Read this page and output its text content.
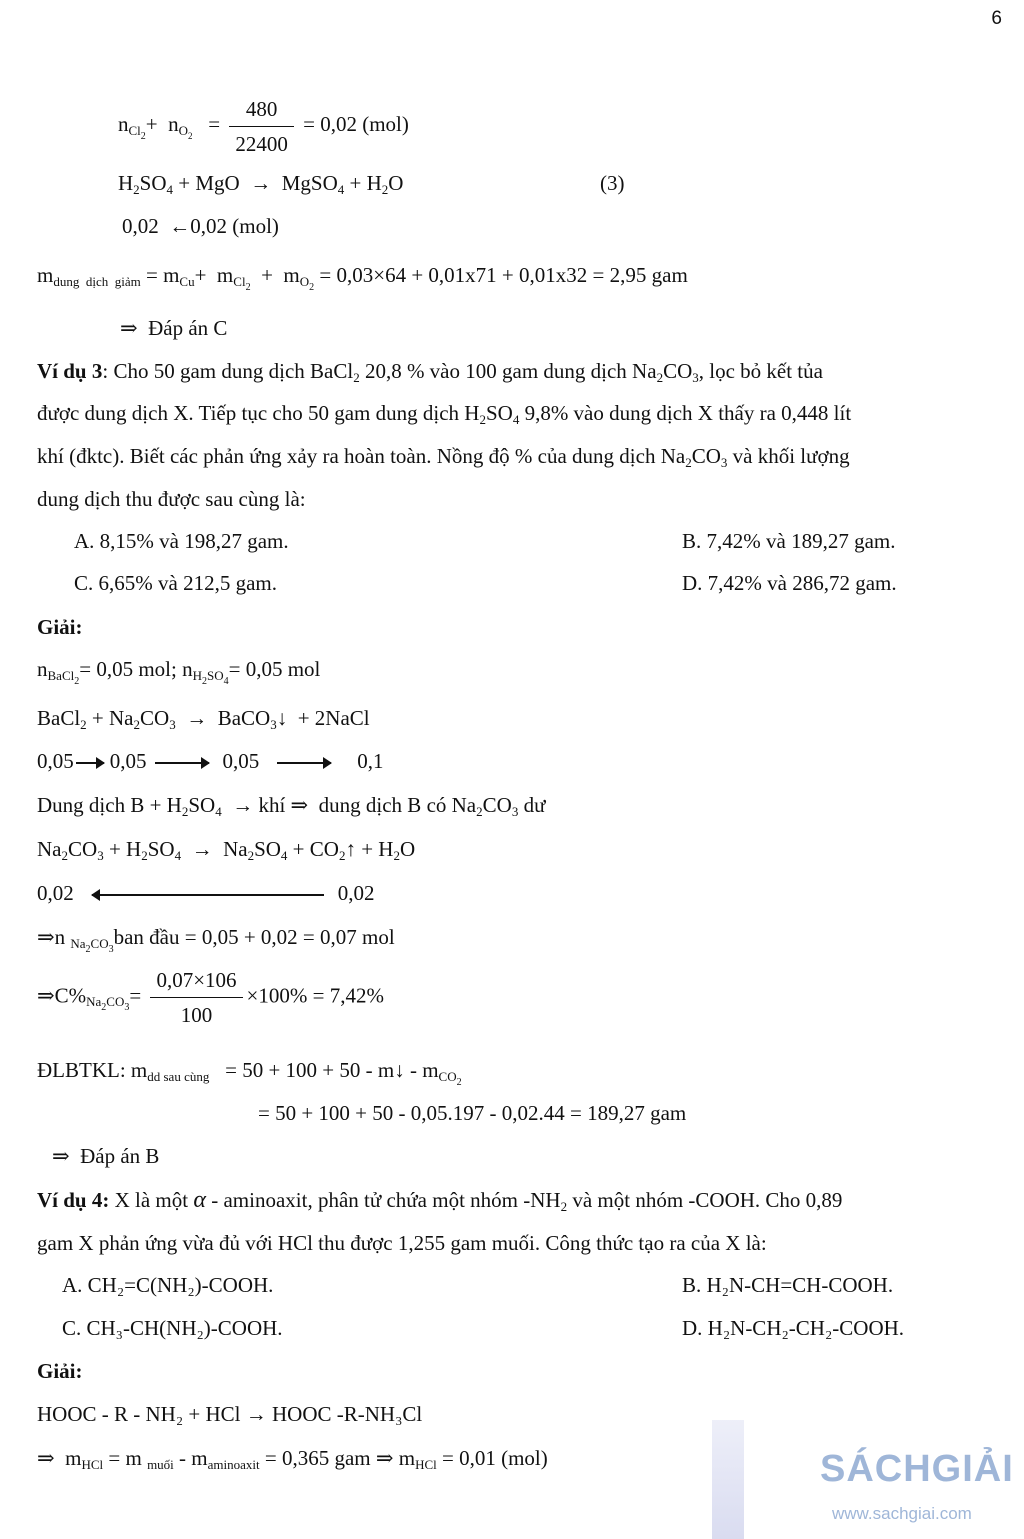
6
$n_{Cl_2}+ n_{O_2} = \frac{480}{22400} = 0,02$ (mol)
$H_2SO_4$ + MgO  →  MgSO$_4$ + $H_2O$	(3)
0,02  ←0,02 (mol)
$m_{dung dịch giảm} = m_{Cu}+ m_{Cl_2} + m_{O_2} = 0,03\times 64 + 0,01x71 + 0,01x32 = 2,95$ gam
⇒  Đáp án C
Ví dụ 3: Cho 50 gam dung dịch BaCl$_2$ 20,8 % vào 100 gam dung dịch $Na_2CO_3$, lọc bỏ kết tủa
được dung dịch X. Tiếp tục cho 50 gam dung dịch $H_2SO_4$ 9,8% vào dung dịch X thấy ra 0,448 lít
khí (đktc). Biết các phản ứng xảy ra hoàn toàn. Nồng độ % của dung dịch $Na_2CO_3$ và khối lượng
dung dịch thu được sau cùng là:
A. 8,15% và 198,27 gam.	B. 7,42% và 189,27 gam.
C. 6,65% và 212,5 gam.	D. 7,42% và 286,72 gam.
Giải:
$n_{BaCl_2}= 0,05$ mol; $n_{H_2SO_4}= 0,05$ mol
BaCl$_2$ + $Na_2CO_3$  →  BaCO$_3$↓  + 2NaCl
0,05 0,05	0,05	0,1
Dung dịch $B + H_2SO_4$  → khí ⇒  dung dịch B có $Na_2CO_3$ dư
$Na_2CO_3 + H_2SO_4 \to Na_2SO_4$ + $CO_2↑ + H_2O$
0,02	0,02
⇒n $_{Na_2CO_3}$ban đầu = 0,05 + 0,02 = 0,07 mol
$\Rightarrow C\%_{Na_2CO_3}= \frac{0,07\times 106}{100} \times 100\% = 7,42\%$
ĐLBTKL: $m_{dd sau cùng} = 50 + 100 + 50$ - m↓ - $m_{CO_2}$
= 50 + 100 + 50 - 0,05.197 - 0,02.44 = 189,27 gam
⇒  Đáp án B
Ví dụ 4: X là một α - aminoaxit, phân tử chứa một nhóm $-NH_2$ và một nhóm -COOH. Cho 0,89
gam X phản ứng vừa đủ với HCl thu được 1,255 gam muối. Công thức tạo ra của X là:
A. CH₂=C(NH₂)-COOH.	B. H₂N-CH=CH-COOH.
C. CH₃-CH(NH₂)-COOH.	D. H₂N-CH₂-CH₂-COOH.
Giải:
HOOC - R - NH₂ + HCl → HOOC -R-NH₃Cl
⇒  $m_{HCl} = m$ $_{muối} - m_{aminoaxit} = 0,365$ gam ⇒ $m_{HCl} = 0,01$ (mol)	SÁCHGIẢI
www.sachgiai.com
